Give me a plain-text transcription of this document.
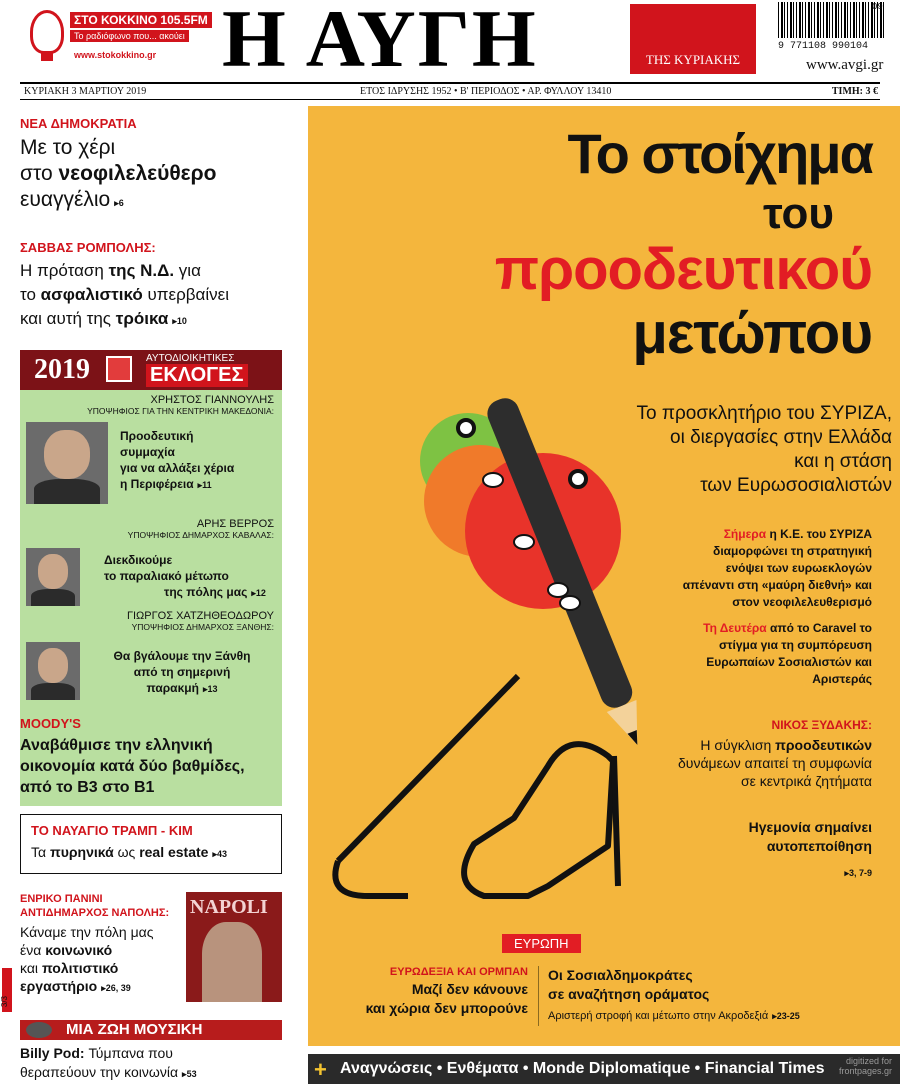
ΣΤΟ ΚΟΚΚΙΝΟ 105.5FM
Το ραδιόφωνο που... ακούει
www.stokokkino.gr Η ΑΥΓΗ	ΤΗΣ ΚΥΡΙΑΚΗΣ
09
9 771108 990104
www.avgi.gr
ΚΥΡΙΑΚΗ 3 ΜΑΡΤΙΟΥ 2019	ΕΤΟΣ ΙΔΡΥΣΗΣ 1952 • Β' ΠΕΡΙΟΔΟΣ • ΑΡ. ΦΥΛΛΟΥ 13410	ΤΙΜΗ: 3 €
ΝΕΑ ΔΗΜΟΚΡΑΤΙΑ
Με το χέρι
στο νεοφιλελεύθερο
ευαγγέλιο ▸6
ΣΑΒΒΑΣ ΡΟΜΠΟΛΗΣ:
Η πρόταση της Ν.Δ. για
το ασφαλιστικό υπερβαίνει
και αυτή της τρόικα ▸10
2019	ΑΥΤΟΔΙΟΙΚΗΤΙΚΕΣ
ΕΚΛΟΓΕΣ
ΧΡΗΣΤΟΣ ΓΙΑΝΝΟΥΛΗΣ
ΥΠΟΨΗΦΙΟΣ ΓΙΑ ΤΗΝ ΚΕΝΤΡΙΚΗ ΜΑΚΕΔΟΝΙΑ:
Προοδευτική
συμμαχία
για να αλλάξει χέρια
η Περιφέρεια ▸11
ΑΡΗΣ ΒΕΡΡΟΣ
ΥΠΟΨΗΦΙΟΣ ΔΗΜΑΡΧΟΣ ΚΑΒΑΛΑΣ:
Διεκδικούμε
το παραλιακό μέτωπο
της πόλης μας ▸12
ΓΙΩΡΓΟΣ ΧΑΤΖΗΘΕΟΔΩΡΟΥ
ΥΠΟΨΗΦΙΟΣ ΔΗΜΑΡΧΟΣ ΞΑΝΘΗΣ:
Θα βγάλουμε την Ξάνθη
από τη σημερινή
παρακμή ▸13
MOODY'S
Αναβάθμισε την ελληνική
οικονομία κατά δύο βαθμίδες,
από το Β3 στο Β1
ΤΟ ΝΑΥΑΓΙΟ ΤΡΑΜΠ - ΚΙΜ
Τα πυρηνικά ως real estate ▸43
ΕΝΡΙΚΟ ΠΑΝΙΝΙ
ΑΝΤΙΔΗΜΑΡΧΟΣ ΝΑΠΟΛΗΣ:
Κάναμε την πόλη μας
ένα κοινωνικό
και πολιτιστικό
εργαστήριο ▸26, 39
NAPOLI
ΜΙΑ ΖΩΗ ΜΟΥΣΙΚΗ
Billy Pod: Τύμπανα που
θεραπεύουν την κοινωνία ▸53
3/3
Το στοίχημα
του
προοδευτικού
μετώπου
Το προσκλητήριο του ΣΥΡΙΖΑ,
οι διεργασίες στην Ελλάδα
και η στάση
των Ευρωσοσιαλιστών
Σήμερα η Κ.Ε. του ΣΥΡΙΖΑ
διαμορφώνει τη στρατηγική
ενόψει των ευρωεκλογών
απέναντι στη «μαύρη διεθνή» και
στον νεοφιλελευθερισμό
Τη Δευτέρα από το Caravel το
στίγμα για τη συμπόρευση
Ευρωπαίων Σοσιαλιστών και
Αριστεράς
ΝΙΚΟΣ ΞΥΔΑΚΗΣ:
Η σύγκλιση προοδευτικών
δυνάμεων απαιτεί τη συμφωνία
σε κεντρικά ζητήματα
Ηγεμονία σημαίνει
αυτοπεποίθηση
▸3, 7-9
ΕΥΡΩΠΗ
ΕΥΡΩΔΕΞΙΑ ΚΑΙ ΟΡΜΠΑΝ
Μαζί δεν κάνουνε
και χώρια δεν μπορούνε
Οι Σοσιαλδημοκράτες
σε αναζήτηση οράματος
Αριστερή στροφή και μέτωπο στην Ακροδεξιά ▸23-25
+ Αναγνώσεις • Ενθέματα • Monde Diplomatique • Financial Times	digitized for
frontpages.gr
